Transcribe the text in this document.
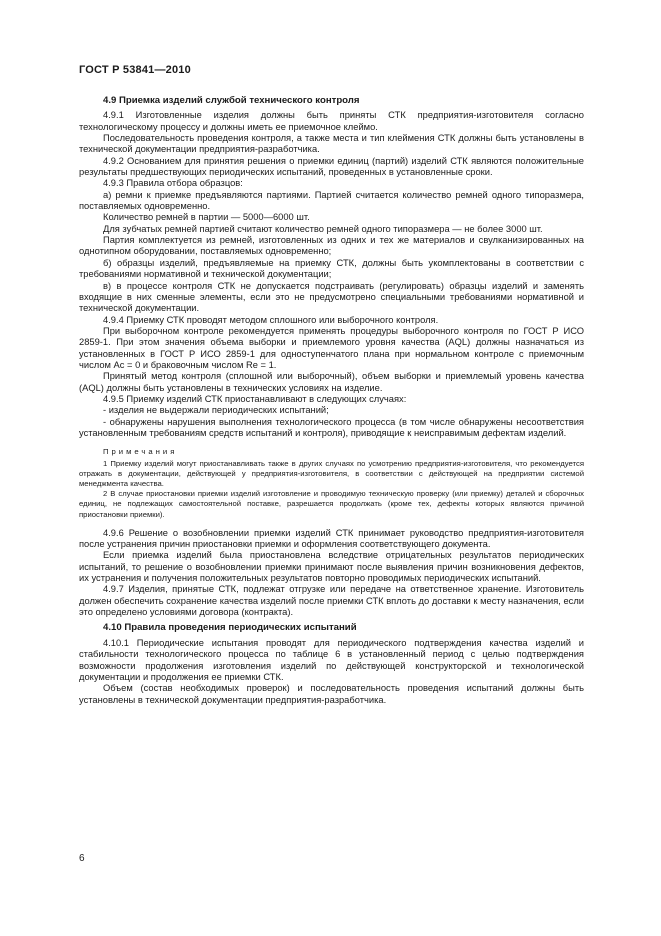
ГОСТ Р 53841—2010

4.9 Приемка изделий службой технического контроля

4.9.1 Изготовленные изделия должны быть приняты СТК предприятия-изготовителя согласно технологическому процессу и должны иметь ее приемочное клеймо.

Последовательность проведения контроля, а также места и тип клеймения СТК должны быть установлены в технической документации предприятия-разработчика.

4.9.2 Основанием для принятия решения о приемки единиц (партий) изделий СТК являются положительные результаты предшествующих периодических испытаний, проведенных в установленные сроки.

4.9.3 Правила отбора образцов:

а) ремни к приемке предъявляются партиями. Партией считается количество ремней одного типоразмера, поставляемых одновременно.

Количество ремней в партии — 5000—6000 шт.

Для зубчатых ремней партией считают количество ремней одного типоразмера — не более 3000 шт.

Партия комплектуется из ремней, изготовленных из одних и тех же материалов и свулканизированных на однотипном оборудовании, поставляемых одновременно;

б) образцы изделий, предъявляемые на приемку СТК, должны быть укомплектованы в соответствии с требованиями нормативной и технической документации;

в) в процессе контроля СТК не допускается подстраивать (регулировать) образцы изделий и заменять входящие в них сменные элементы, если это не предусмотрено специальными требованиями нормативной и технической документации.

4.9.4 Приемку СТК проводят методом сплошного или выборочного контроля.

При выборочном контроле рекомендуется применять процедуры выборочного контроля по ГОСТ Р ИСО 2859-1. При этом значения объема выборки и приемлемого уровня качества (AQL) должны назначаться из установленных в ГОСТ Р ИСО 2859-1 для одноступенчатого плана при нормальном контроле с приемочным числом Ac = 0 и браковочным числом Re = 1.

Принятый метод контроля (сплошной или выборочный), объем выборки и приемлемый уровень качества (AQL) должны быть установлены в технических условиях на изделие.

4.9.5 Приемку изделий СТК приостанавливают в следующих случаях:

- изделия не выдержали периодических испытаний;

- обнаружены нарушения выполнения технологического процесса (в том числе обнаружены несоответствия установленным требованиям средств испытаний и контроля), приводящие к неисправимым дефектам изделий.

Примечания

1 Приемку изделий могут приостанавливать также в других случаях по усмотрению предприятия-изготовителя, что рекомендуется отражать в документации, действующей у предприятия-изготовителя, в соответствии с действующей на предприятии системой менеджмента качества.

2 В случае приостановки приемки изделий изготовление и проводимую техническую проверку (или приемку) деталей и сборочных единиц, не подлежащих самостоятельной поставке, разрешается продолжать (кроме тех, дефекты которых являются причиной приостановки приемки).

4.9.6 Решение о возобновлении приемки изделий СТК принимает руководство предприятия-изготовителя после устранения причин приостановки приемки и оформления соответствующего документа.

Если приемка изделий была приостановлена вследствие отрицательных результатов периодических испытаний, то решение о возобновлении приемки принимают после выявления причин возникновения дефектов, их устранения и получения положительных результатов повторно проводимых периодических испытаний.

4.9.7 Изделия, принятые СТК, подлежат отгрузке или передаче на ответственное хранение. Изготовитель должен обеспечить сохранение качества изделий после приемки СТК вплоть до доставки к месту назначения, если это определено условиями договора (контракта).

4.10 Правила проведения периодических испытаний

4.10.1 Периодические испытания проводят для периодического подтверждения качества изделий и стабильности технологического процесса по таблице 6 в установленный период с целью подтверждения возможности продолжения изготовления изделий по действующей конструкторской и технологической документации и продолжения ее приемки СТК.

Объем (состав необходимых проверок) и последовательность проведения испытаний должны быть установлены в технической документации предприятия-разработчика.

6
